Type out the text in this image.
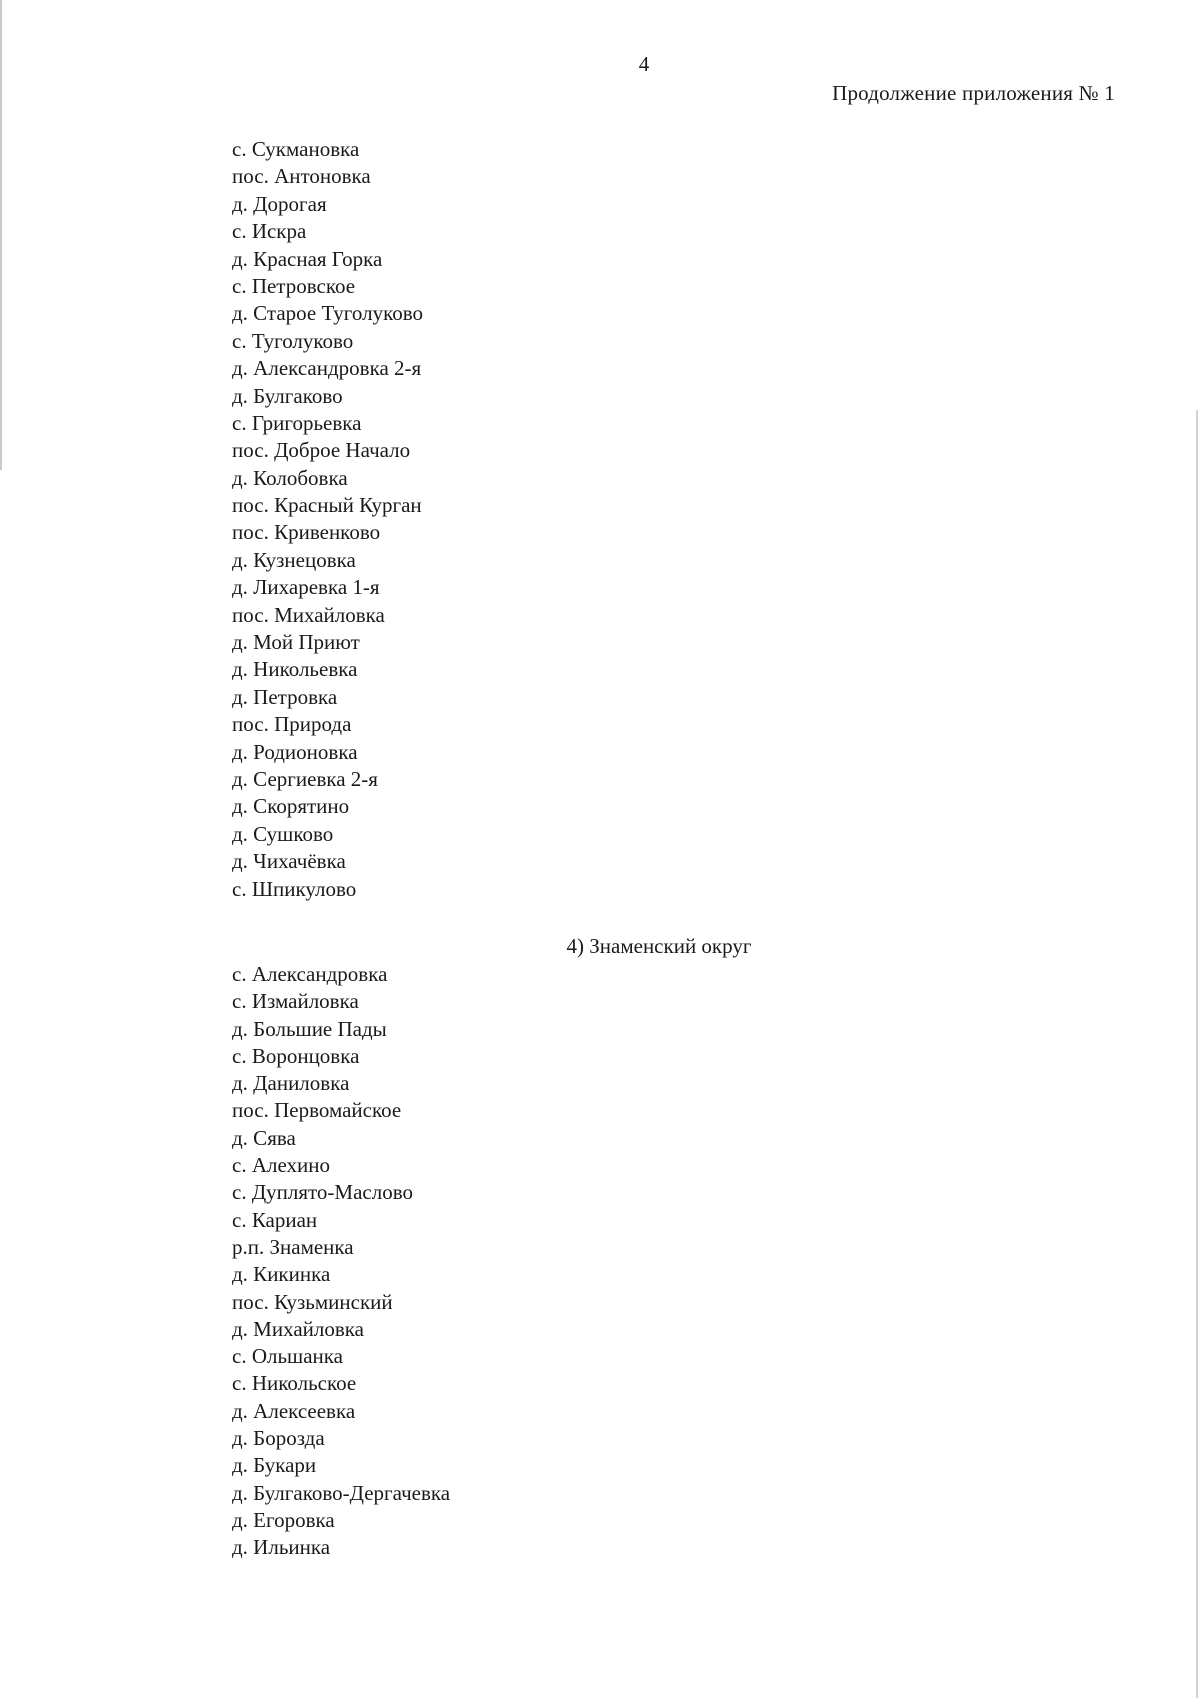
4
Продолжение приложения № 1
с. Сукмановка
пос. Антоновка
д. Дорогая
с. Искра
д. Красная Горка
с. Петровское
д. Старое Туголуково
с. Туголуково
д. Александровка 2-я
д. Булгаково
с. Григорьевка
пос. Доброе Начало
д. Колобовка
пос. Красный Курган
пос. Кривенково
д. Кузнецовка
д. Лихаревка 1-я
пос. Михайловка
д. Мой Приют
д. Никольевка
д. Петровка
пос. Природа
д. Родионовка
д. Сергиевка 2-я
д. Скорятино
д. Сушково
д. Чихачёвка
с. Шпикулово
4) Знаменский округ
с. Александровка
с. Измайловка
д. Большие Пады
с. Воронцовка
д. Даниловка
пос. Первомайское
д. Сява
с. Алехино
с. Дуплято-Маслово
с. Кариан
р.п. Знаменка
д. Кикинка
пос. Кузьминский
д. Михайловка
с. Ольшанка
с. Никольское
д. Алексеевка
д. Борозда
д. Букари
д. Булгаково-Дергачевка
д. Егоровка
д. Ильинка
